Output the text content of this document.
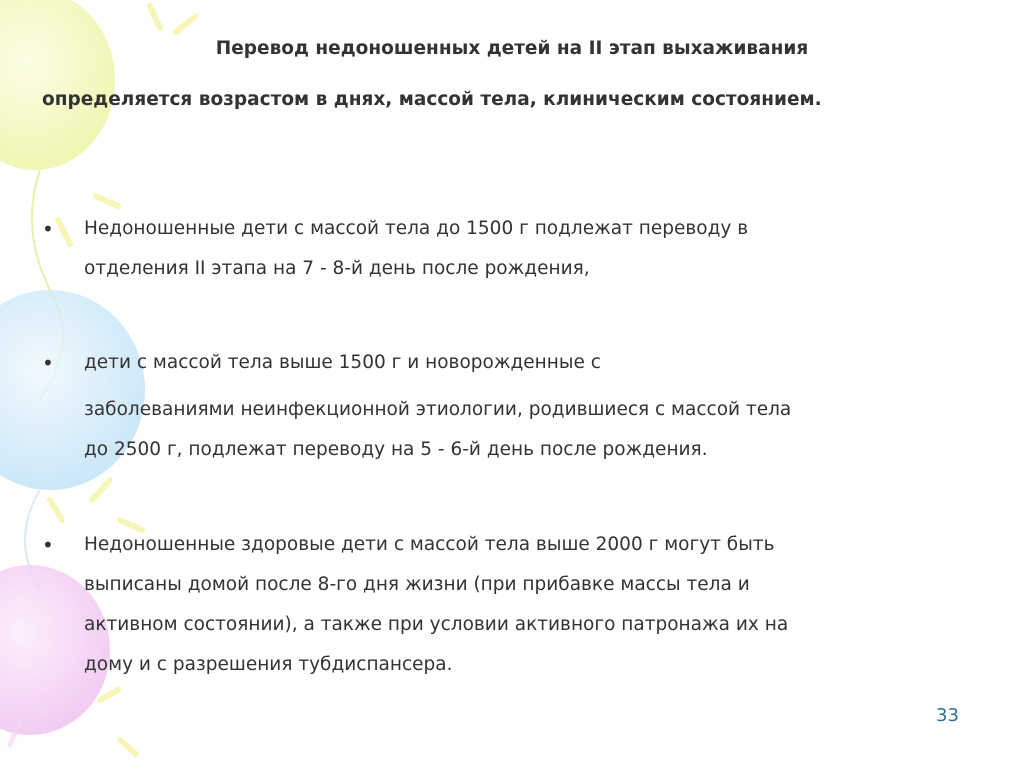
Перевод недоношенных детей на II этап выхаживания
определяется возрастом в днях, массой тела, клиническим состоянием.
• Недоношенные дети с массой тела до 1500 г подлежат переводу в
отделения II этапа на 7 - 8-й день после рождения,
• дети с массой тела выше 1500 г и новорожденные с
заболеваниями неинфекционной этиологии, родившиеся с массой тела
до 2500 г, подлежат переводу на 5 - 6-й день после рождения.
• Недоношенные здоровые дети с массой тела выше 2000 г могут быть
выписаны домой после 8-го дня жизни (при прибавке массы тела и
активном состоянии), а также при условии активного патронажа их на
дому и с разрешения тубдиспансера.
33
